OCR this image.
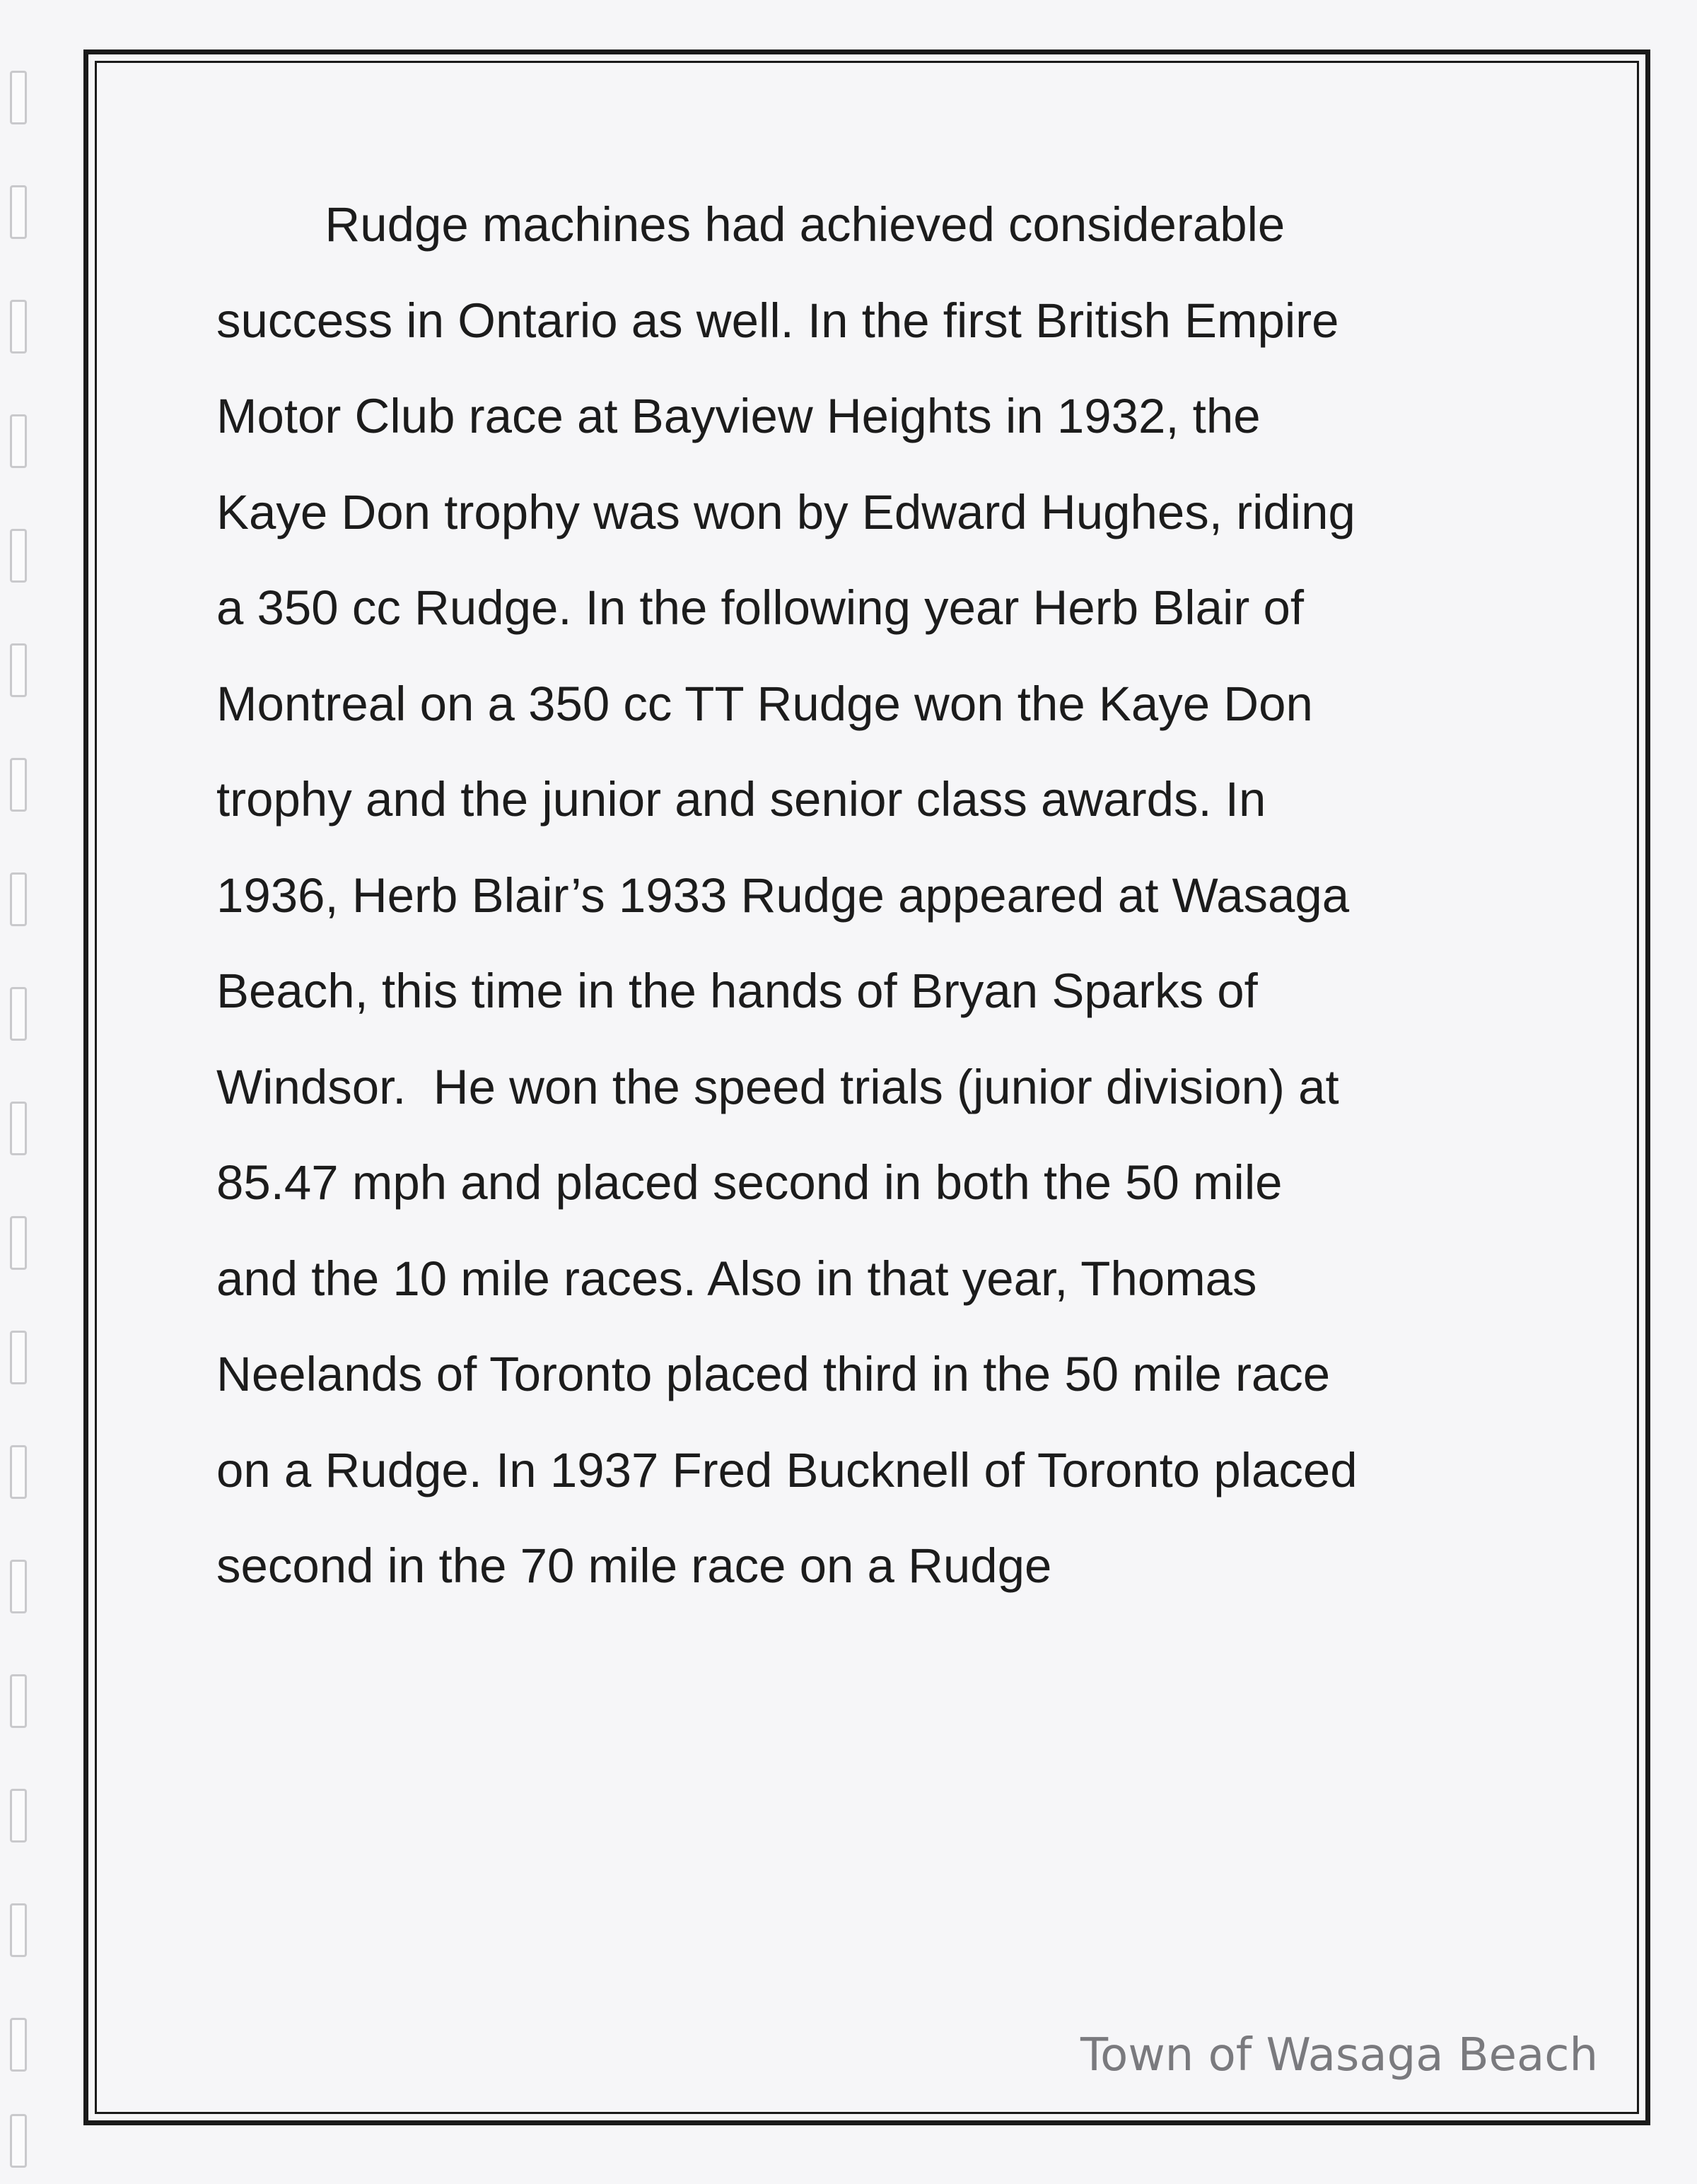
	Rudge machines had achieved considerable
success in Ontario as well. In the first British Empire
Motor Club race at Bayview Heights in 1932, the
Kaye Don trophy was won by Edward Hughes, riding
a 350 cc Rudge. In the following year Herb Blair of
Montreal on a 350 cc TT Rudge won the Kaye Don
trophy and the junior and senior class awards. In
1936, Herb Blair’s 1933 Rudge appeared at Wasaga
Beach, this time in the hands of Bryan Sparks of
Windsor.  He won the speed trials (junior division) at
85.47 mph and placed second in both the 50 mile
and the 10 mile races. Also in that year, Thomas
Neelands of Toronto placed third in the 50 mile race
on a Rudge. In 1937 Fred Bucknell of Toronto placed
second in the 70 mile race on a Rudge

Town of Wasaga Beach
